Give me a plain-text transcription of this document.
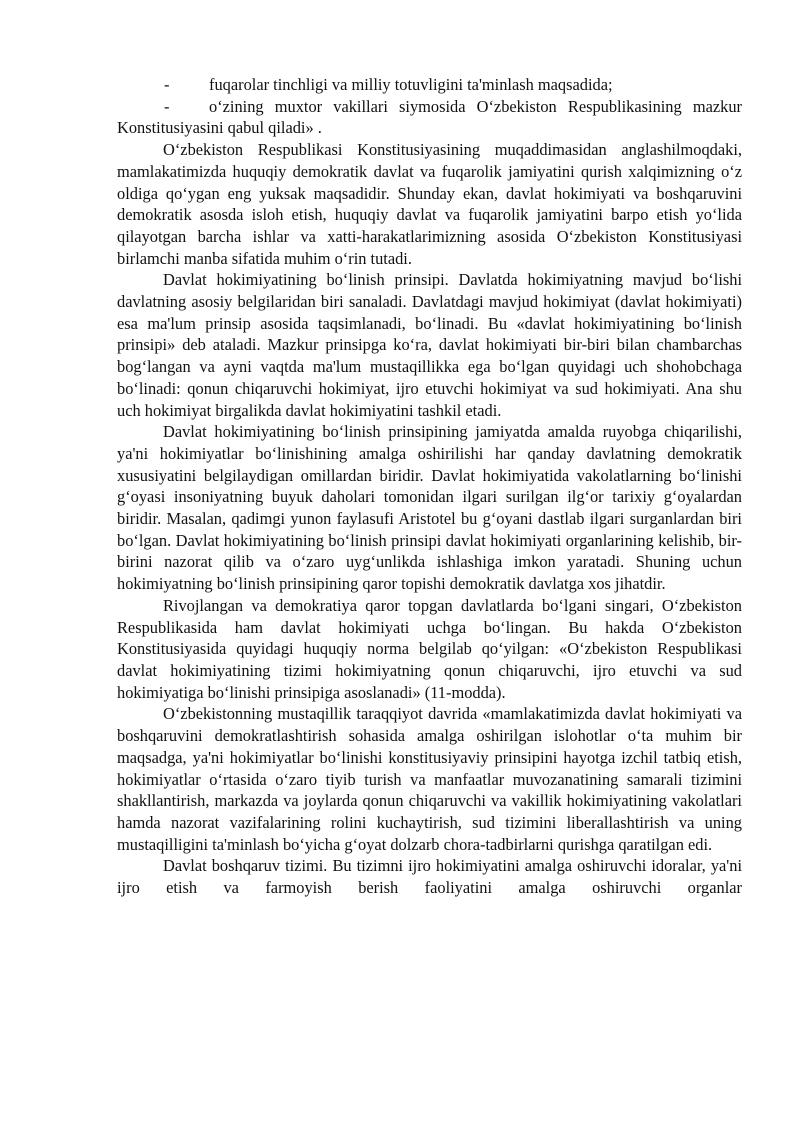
- fuqarolar tinchligi va milliy totuvligini ta'minlash maqsadida;

- o‘zining muxtor vakillari siymosida O‘zbekiston Respublikasining mazkur Konstitusiyasini qabul qiladi» .

O‘zbekiston Respublikasi Konstitusiyasining muqaddimasidan anglashilmoqdaki, mamlakatimizda huquqiy demokratik davlat va fuqarolik jamiyatini qurish xalqimizning o‘z oldiga qo‘ygan eng yuksak maqsadidir. Shunday ekan, davlat hokimiyati va boshqaruvini demokratik asosda isloh etish, huquqiy davlat va fuqarolik jamiyatini barpo etish yo‘lida qilayotgan barcha ishlar va xatti-harakatlarimizning asosida O‘zbekiston Konstitusiyasi birlamchi manba sifatida muhim o‘rin tutadi.

Davlat hokimiyatining bo‘linish prinsipi. Davlatda hokimiyatning mavjud bo‘lishi davlatning asosiy belgilaridan biri sanaladi. Davlatdagi mavjud hokimiyat (davlat hokimiyati) esa ma'lum prinsip asosida taqsimlanadi, bo‘linadi. Bu «davlat hokimiyatining bo‘linish prinsipi» deb ataladi. Mazkur prinsipga ko‘ra, davlat hokimiyati bir-biri bilan chambarchas bog‘langan va ayni vaqtda ma'lum mustaqillikka ega bo‘lgan quyidagi uch shohobchaga bo‘linadi: qonun chiqaruvchi hokimiyat, ijro etuvchi hokimiyat va sud hokimiyati. Ana shu uch hokimiyat birgalikda davlat hokimiyatini tashkil etadi.

Davlat hokimiyatining bo‘linish prinsipining jamiyatda amalda ruyobga chiqarilishi, ya'ni hokimiyatlar bo‘linishining amalga oshirilishi har qanday davlatning demokratik xususiyatini belgilaydigan omillardan biridir. Davlat hokimiyatida vakolatlarning bo‘linishi g‘oyasi insoniyatning buyuk daholari tomonidan ilgari surilgan ilg‘or tarixiy g‘oyalardan biridir. Masalan, qadimgi yunon faylasufi Aristotel bu g‘oyani dastlab ilgari surganlardan biri bo‘lgan. Davlat hokimiyatining bo‘linish prinsipi davlat hokimiyati organlarining kelishib, bir-birini nazorat qilib va o‘zaro uyg‘unlikda ishlashiga imkon yaratadi. Shuning uchun hokimiyatning bo‘linish prinsipining qaror topishi demokratik davlatga xos jihatdir.

Rivojlangan va demokratiya qaror topgan davlatlarda bo‘lgani singari, O‘zbekiston Respublikasida ham davlat hokimiyati uchga bo‘lingan. Bu hakda O‘zbekiston Konstitusiyasida quyidagi huquqiy norma belgilab qo‘yilgan: «O‘zbekiston Respublikasi davlat hokimiyatining tizimi hokimiyatning qonun chiqaruvchi, ijro etuvchi va sud hokimiyatiga bo‘linishi prinsipiga asoslanadi» (11-modda).

O‘zbekistonning mustaqillik taraqqiyot davrida «mamlakatimizda davlat hokimiyati va boshqaruvini demokratlashtirish sohasida amalga oshirilgan islohotlar o‘ta muhim bir maqsadga, ya'ni hokimiyatlar bo‘linishi konstitusiyaviy prinsipini hayotga izchil tatbiq etish, hokimiyatlar o‘rtasida o‘zaro tiyib turish va manfaatlar muvozanatining samarali tizimini shakllantirish, markazda va joylarda qonun chiqaruvchi va vakillik hokimiyatining vakolatlari hamda nazorat vazifalarining rolini kuchaytirish, sud tizimini liberallashtirish va uning mustaqilligini ta'minlash bo‘yicha g‘oyat dolzarb chora-tadbirlarni qurishga qaratilgan edi.

Davlat boshqaruv tizimi. Bu tizimni ijro hokimiyatini amalga oshiruvchi idoralar, ya'ni ijro etish va farmoyish berish faoliyatini amalga oshiruvchi organlar
